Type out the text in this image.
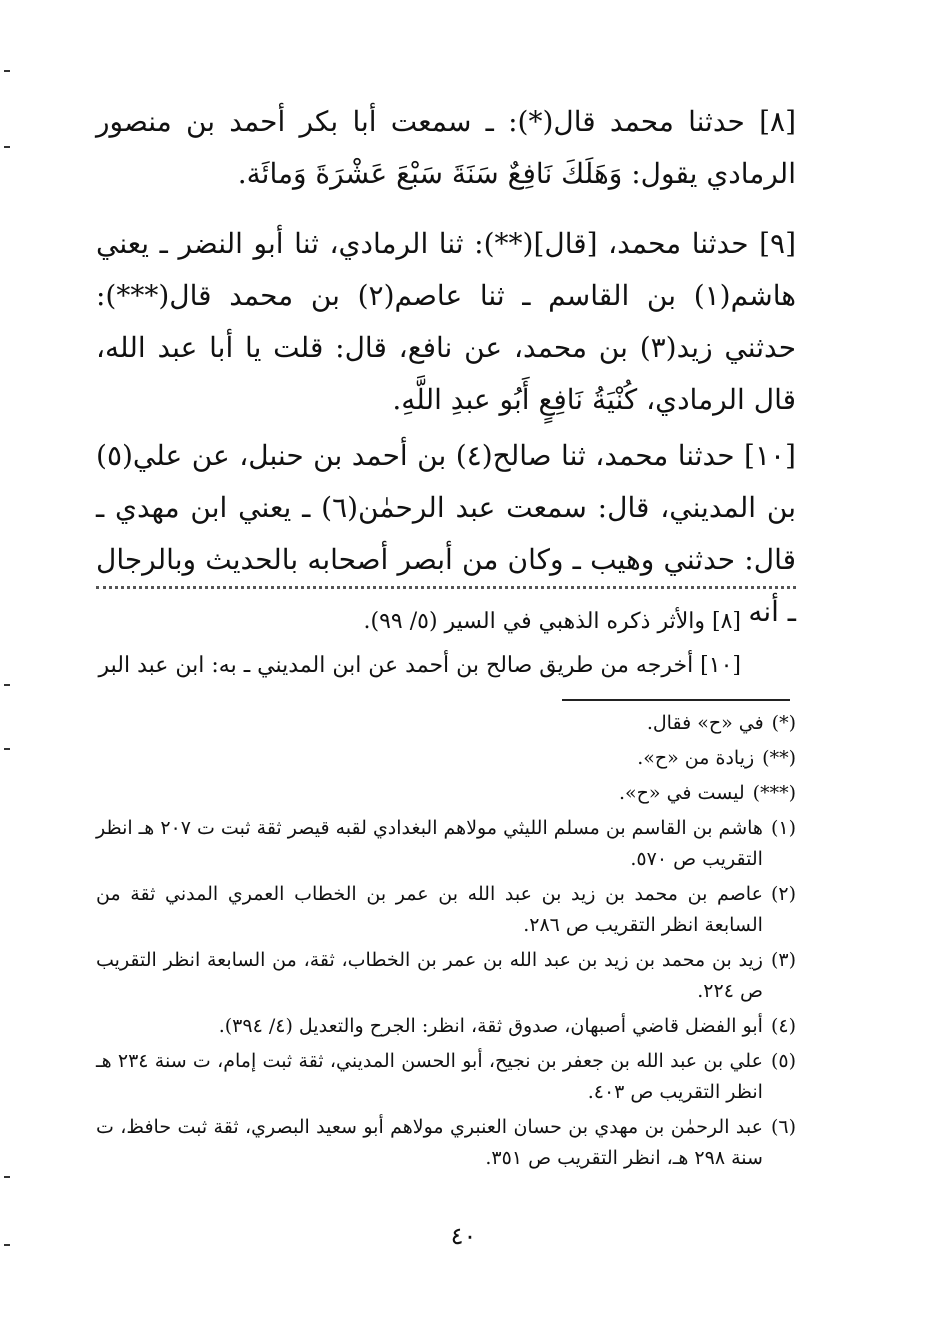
[٨] حدثنا محمد قال(*): ـ سمعت أبا بكر أحمد بن منصور الرمادي يقول: وَهَلَكَ نَافِعٌ سَنَةَ سَبْعَ عَشْرَةَ وَمائَة.

[٩] حدثنا محمد، [قال](**): ثنا الرمادي، ثنا أبو النضر ـ يعني هاشم(١) بن القاسم ـ ثنا عاصم(٢) بن محمد قال(***): حدثني زيد(٣) بن محمد، عن نافع، قال: قلت يا أبا عبد الله، قال الرمادي، كُنْيَةُ نَافِعٍ أَبُو عبدِ اللَّهِ.

[١٠] حدثنا محمد، ثنا صالح(٤) بن أحمد بن حنبل، عن علي(٥) بن المديني، قال: سمعت عبد الرحمٰن(٦) ـ يعني ابن مهدي ـ قال: حدثني وهيب ـ وكان من أبصر أصحابه بالحديث وبالرجال ـ أنه

[٨] والأثر ذكره الذهبي في السير (٥/ ٩٩).
[١٠] أخرجه من طريق صالح بن أحمد عن ابن المديني ـ به: ابن عبد البر
(*)
في «ح» فقال.
(**)
زيادة من «ح».
(***)
ليست في «ح».
(١)
هاشم بن القاسم بن مسلم الليثي مولاهم البغدادي لقبه قيصر ثقة ثبت ت ٢٠٧ هـ انظر التقريب ص ٥٧٠.
(٢)
عاصم بن محمد بن زيد بن عبد الله بن عمر بن الخطاب العمري المدني ثقة من السابعة انظر التقريب ص ٢٨٦.
(٣)
زيد بن محمد بن زيد بن عبد الله بن عمر بن الخطاب، ثقة، من السابعة انظر التقريب ص ٢٢٤.
(٤)
أبو الفضل قاضي أصبهان، صدوق ثقة، انظر: الجرح والتعديل (٤/ ٣٩٤).
(٥)
علي بن عبد الله بن جعفر بن نجيح، أبو الحسن المديني، ثقة ثبت إمام، ت سنة ٢٣٤ هـ انظر التقريب ص ٤٠٣.
(٦)
عبد الرحمٰن بن مهدي بن حسان العنبري مولاهم أبو سعيد البصري، ثقة ثبت حافظ، ت سنة ٢٩٨ هـ، انظر التقريب ص ٣٥١.
٤٠
